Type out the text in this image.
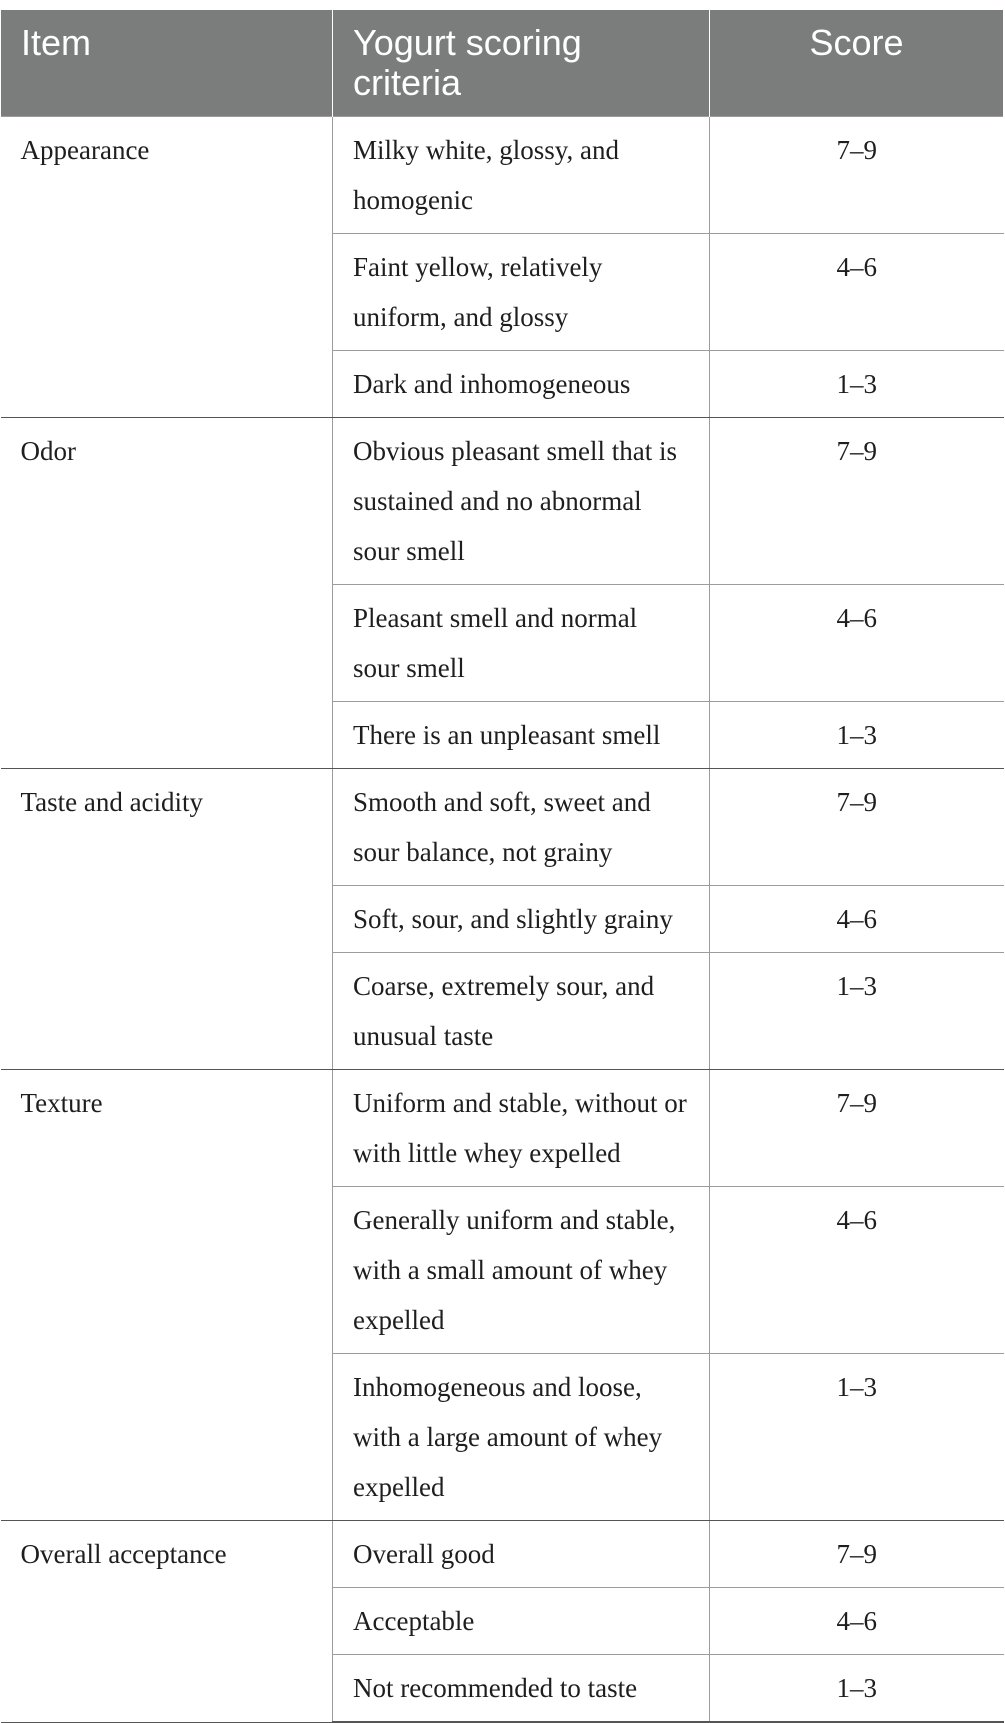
Item	Yogurt scoring criteria	Score
Appearance	Milky white, glossy, and homogenic	7–9
	Faint yellow, relatively uniform, and glossy	4–6
	Dark and inhomogeneous	1–3
Odor	Obvious pleasant smell that is sustained and no abnormal sour smell	7–9
	Pleasant smell and normal sour smell	4–6
	There is an unpleasant smell	1–3
Taste and acidity	Smooth and soft, sweet and sour balance, not grainy	7–9
	Soft, sour, and slightly grainy	4–6
	Coarse, extremely sour, and unusual taste	1–3
Texture	Uniform and stable, without or with little whey expelled	7–9
	Generally uniform and stable, with a small amount of whey expelled	4–6
	Inhomogeneous and loose, with a large amount of whey expelled	1–3
Overall acceptance	Overall good	7–9
	Acceptable	4–6
	Not recommended to taste	1–3
